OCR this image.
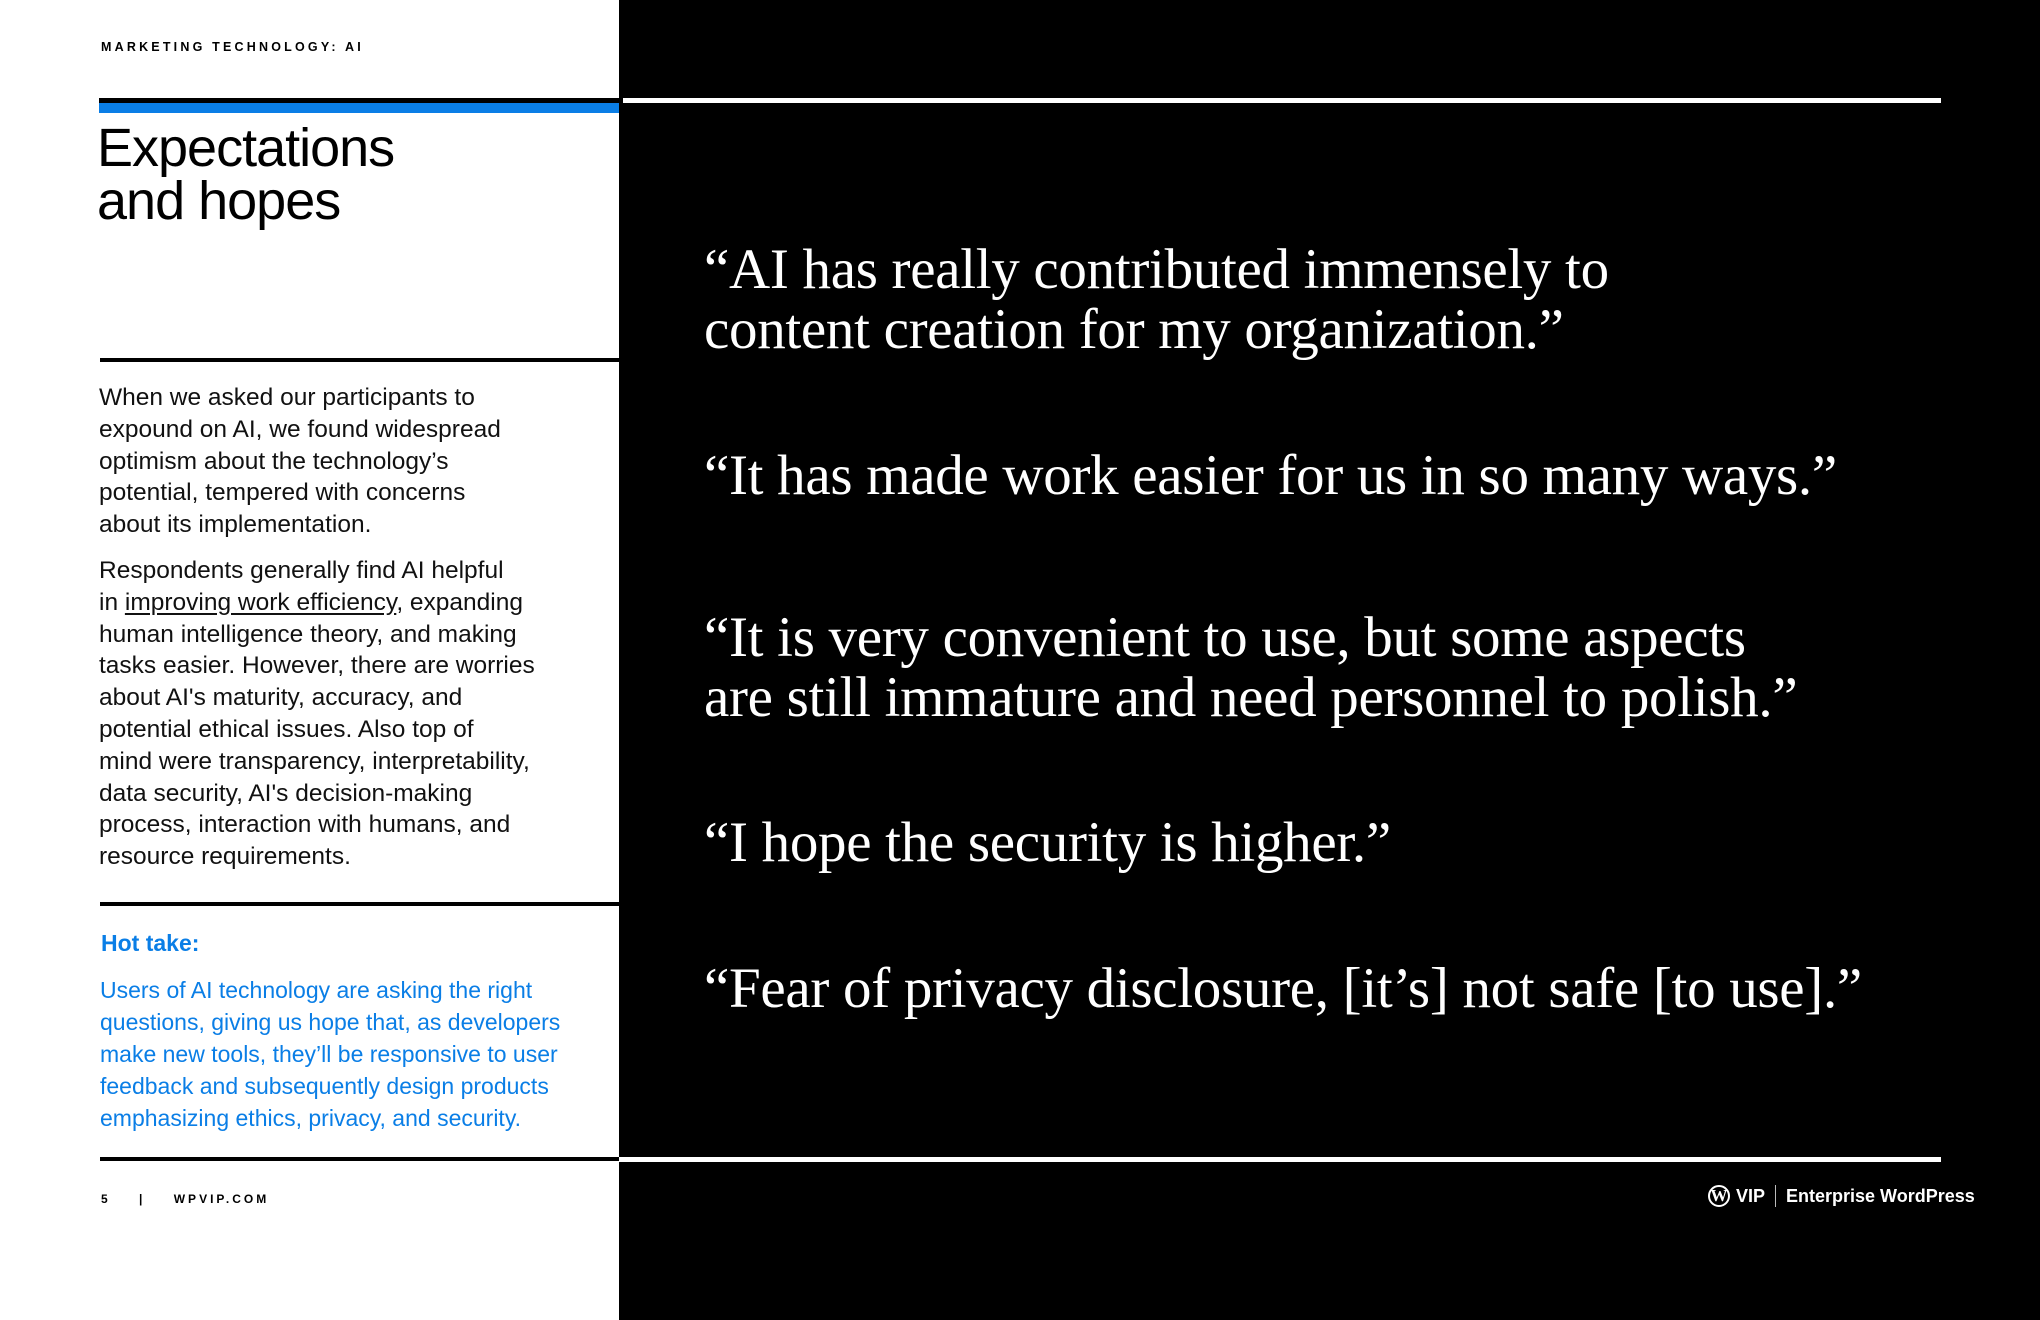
MARKETING TECHNOLOGY: AI
Expectations
and hopes
When we asked our participants to
expound on AI, we found widespread
optimism about the technology’s
potential, tempered with concerns
about its implementation.
Respondents generally find AI helpful
in improving work efficiency, expanding
human intelligence theory, and making
tasks easier. However, there are worries
about AI's maturity, accuracy, and
potential ethical issues. Also top of
mind were transparency, interpretability,
data security, AI's decision-making
process, interaction with humans, and
resource requirements.
Hot take:
Users of AI technology are asking the right
questions, giving us hope that, as developers
make new tools, they’ll be responsive to user
feedback and subsequently design products
emphasizing ethics, privacy, and security.
5 | WPVIP.COM
“AI has really contributed immensely to
content creation for my organization.”
“It has made work easier for us in so many ways.”
“It is very convenient to use, but some aspects
are still immature and need personnel to polish.”
“I hope the security is higher.”
“Fear of privacy disclosure, [it’s] not safe [to use].”
W VIP Enterprise WordPress
